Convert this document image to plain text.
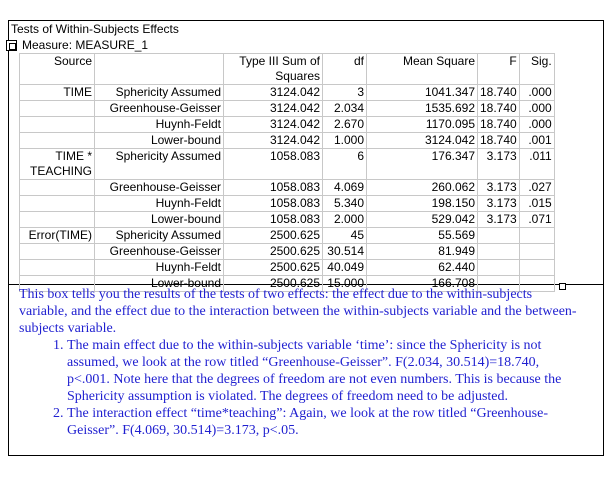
Tests of Within-Subjects Effects
Measure: MEASURE_1
Source		Type III Sum of Squares	df	Mean Square	F	Sig.
TIME	Sphericity Assumed	3124.042	3	1041.347	18.740	.000
	Greenhouse-Geisser	3124.042	2.034	1535.692	18.740	.000
	Huynh-Feldt	3124.042	2.670	1170.095	18.740	.000
	Lower-bound	3124.042	1.000	3124.042	18.740	.001
TIME * TEACHING	Sphericity Assumed	1058.083	6	176.347	3.173	.011
	Greenhouse-Geisser	1058.083	4.069	260.062	3.173	.027
	Huynh-Feldt	1058.083	5.340	198.150	3.173	.015
	Lower-bound	1058.083	2.000	529.042	3.173	.071
Error(TIME)	Sphericity Assumed	2500.625	45	55.569		
	Greenhouse-Geisser	2500.625	30.514	81.949		
	Huynh-Feldt	2500.625	40.049	62.440		
	Lower-bound	2500.625	15.000	166.708		

This box tells you the results of the tests of two effects: the effect due to the within-subjects variable, and the effect due to the interaction between the within-subjects variable and the between-subjects variable.

1. The main effect due to the within-subjects variable ‘time’: since the Sphericity is not assumed, we look at the row titled “Greenhouse-Geisser”. F(2.034, 30.514)=18.740, p<.001. Note here that the degrees of freedom are not even numbers. This is because the Sphericity assumption is violated. The degrees of freedom need to be adjusted.
2. The interaction effect “time*teaching”: Again, we look at the row titled “Greenhouse-Geisser”. F(4.069, 30.514)=3.173, p<.05.
